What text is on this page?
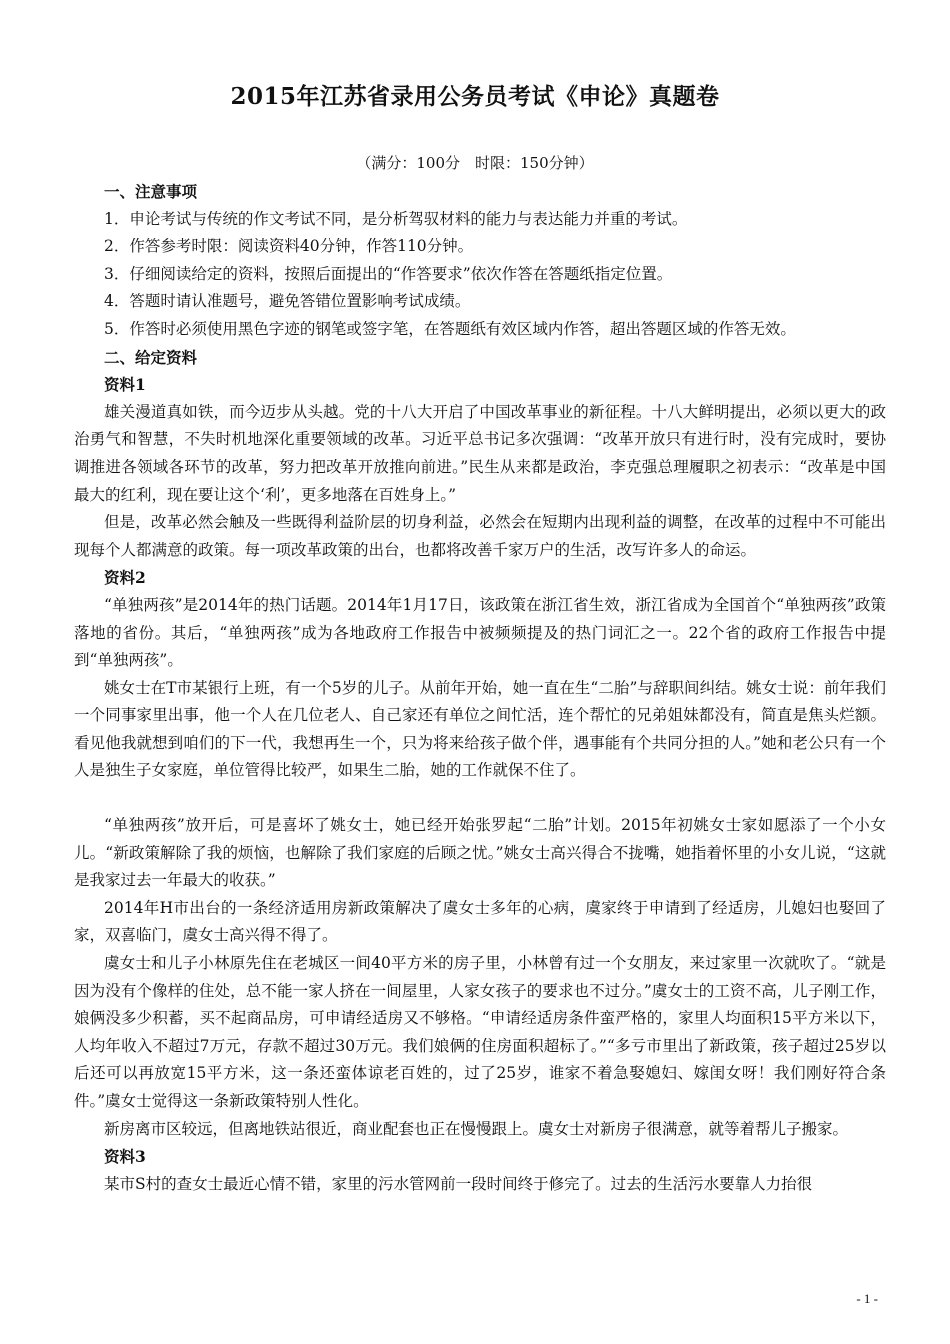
2015年江苏省录用公务员考试《申论》真题卷
（满分：100分　时限：150分钟）

一、注意事项

1．申论考试与传统的作文考试不同，是分析驾驭材料的能力与表达能力并重的考试。

2．作答参考时限：阅读资料40分钟，作答110分钟。

3．仔细阅读给定的资料，按照后面提出的“作答要求”依次作答在答题纸指定位置。

4．答题时请认准题号，避免答错位置影响考试成绩。

5．作答时必须使用黑色字迹的钢笔或签字笔，在答题纸有效区域内作答，超出答题区域的作答无效。

二、给定资料

资料1

雄关漫道真如铁，而今迈步从头越。党的十八大开启了中国改革事业的新征程。十八大鲜明提出，必须以更大的政治勇气和智慧，不失时机地深化重要领域的改革。习近平总书记多次强调：“改革开放只有进行时，没有完成时，要协调推进各领域各环节的改革，努力把改革开放推向前进。”民生从来都是政治，李克强总理履职之初表示：“改革是中国最大的红利，现在要让这个‘利’，更多地落在百姓身上。”

但是，改革必然会触及一些既得利益阶层的切身利益，必然会在短期内出现利益的调整，在改革的过程中不可能出现每个人都满意的政策。每一项改革政策的出台，也都将改善千家万户的生活，改写许多人的命运。

资料2

“单独两孩”是2014年的热门话题。2014年1月17日，该政策在浙江省生效，浙江省成为全国首个“单独两孩”政策落地的省份。其后，“单独两孩”成为各地政府工作报告中被频频提及的热门词汇之一。22个省的政府工作报告中提到“单独两孩”。

姚女士在T市某银行上班，有一个5岁的儿子。从前年开始，她一直在生“二胎”与辞职间纠结。姚女士说：前年我们一个同事家里出事，他一个人在几位老人、自己家还有单位之间忙活，连个帮忙的兄弟姐妹都没有，简直是焦头烂额。看见他我就想到咱们的下一代，我想再生一个，只为将来给孩子做个伴，遇事能有个共同分担的人。”她和老公只有一个人是独生子女家庭，单位管得比较严，如果生二胎，她的工作就保不住了。

“单独两孩”放开后，可是喜坏了姚女士，她已经开始张罗起“二胎”计划。2015年初姚女士家如愿添了一个小女儿。“新政策解除了我的烦恼，也解除了我们家庭的后顾之忧。”姚女士高兴得合不拢嘴，她指着怀里的小女儿说，“这就是我家过去一年最大的收获。”

2014年H市出台的一条经济适用房新政策解决了虞女士多年的心病，虞家终于申请到了经适房，儿媳妇也娶回了家，双喜临门，虞女士高兴得不得了。

虞女士和儿子小林原先住在老城区一间40平方米的房子里，小林曾有过一个女朋友，来过家里一次就吹了。“就是因为没有个像样的住处，总不能一家人挤在一间屋里，人家女孩子的要求也不过分。”虞女士的工资不高，儿子刚工作，娘俩没多少积蓄，买不起商品房，可申请经适房又不够格。“申请经适房条件蛮严格的，家里人均面积15平方米以下，人均年收入不超过7万元，存款不超过30万元。我们娘俩的住房面积超标了。”“多亏市里出了新政策，孩子超过25岁以后还可以再放宽15平方米，这一条还蛮体谅老百姓的，过了25岁，谁家不着急娶媳妇、嫁闺女呀！我们刚好符合条件。”虞女士觉得这一条新政策特别人性化。

新房离市区较远，但离地铁站很近，商业配套也正在慢慢跟上。虞女士对新房子很满意，就等着帮儿子搬家。

资料3

某市S村的查女士最近心情不错，家里的污水管网前一段时间终于修完了。过去的生活污水要靠人力抬很

- 1 -
